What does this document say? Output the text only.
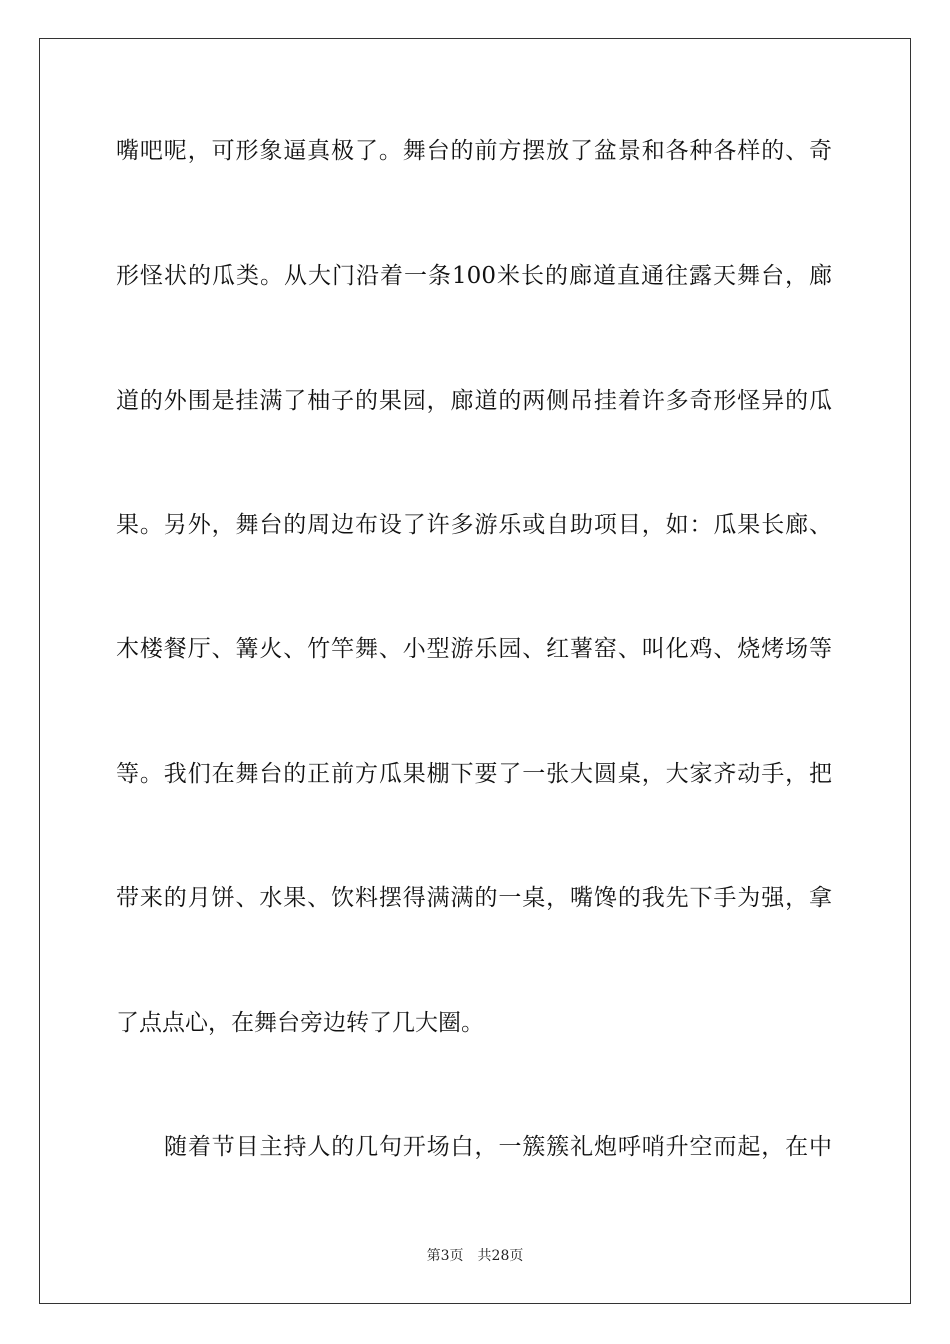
嘴吧呢，可形象逼真极了。舞台的前方摆放了盆景和各种各样的、奇
形怪状的瓜类。从大门沿着一条100米长的廊道直通往露天舞台，廊
道的外围是挂满了柚子的果园，廊道的两侧吊挂着许多奇形怪异的瓜
果。另外，舞台的周边布设了许多游乐或自助项目，如：瓜果长廊、
木楼餐厅、篝火、竹竿舞、小型游乐园、红薯窑、叫化鸡、烧烤场等
等。我们在舞台的正前方瓜果棚下要了一张大圆桌，大家齐动手，把
带来的月饼、水果、饮料摆得满满的一桌，嘴馋的我先下手为强，拿
了点点心，在舞台旁边转了几大圈。
随着节目主持人的几句开场白，一簇簇礼炮呼哨升空而起，在中
第3页 共28页
